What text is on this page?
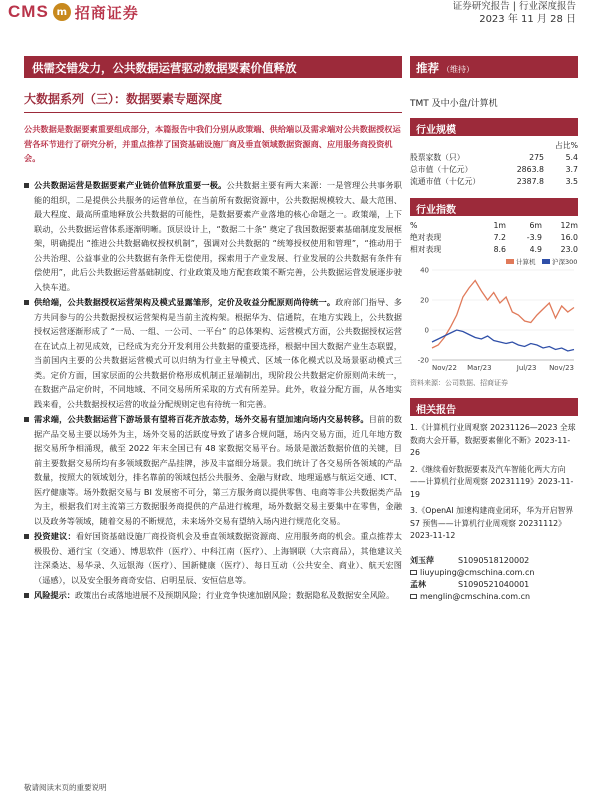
CMS m 招商证券	证券研究报告 | 行业深度报告
2023 年 11 月 28 日
供需交错发力，公共数据运营驱动数据要素价值释放	推荐 （维持）
大数据系列（三）：数据要素专题深度	TMT 及中小盘/计算机
公共数据是数据要素重要组成部分，本篇报告中我们分别从政策端、供给端以及需求端对公共数据授权运营各环节进行了研究分析，并重点推荐了国资基础设施厂商及垂直领域数据资源商、应用服务商投资机会。

公共数据运营是数据要素产业链价值释放重要一极。公共数据主要有两大来源：一是管理公共事务职能的组织，二是提供公共服务的运营单位，在当前所有数据资源中，公共数据规模较大、最大范围、最大程度、最高所重地释放公共数据的可能性，是数据要素产业落地的核心命题之一。政策端，上下联动，公共数据运营体系逐渐明晰。顶层设计上，“数据二十条” 奠定了我国数据要素基础制度发展框架，明确提出 “推进公共数据确权授权机制”，强调对公共数据的 “统筹授权使用和管理”，“推动用于公共治理、公益事业的公共数据有条件无偿使用，探索用于产业发展、行业发展的公共数据有条件有偿使用”，此后公共数据运营基础制度、行业政策及地方配套政策不断完善，公共数据运营发展逐步驶入快车道。

供给端，公共数据授权运营架构及模式显露雏形，定价及收益分配原则尚待统一。政府部门指导、多方共同参与的公共数据授权运营架构是当前主流构架。根据华为、信通院，在地方实践上，公共数据授权运营逐渐形成了 “一局、一组、一公司、一平台” 的总体架构、运营模式方面，公共数据授权运营在在试点上初见成效，已经成为充分开发利用公共数据的重要选择，根据中国大数据产业生态联盟，当前国内主要的公共数据运营模式可以归纳为行业主导模式、区域一体化模式以及场景驱动模式三类。定价方面，国家层面的公共数据价格形成机制正显端制出，现阶段公共数据定价原则尚未统一，在数据产品定价时，不同地域、不同交易所所采取的方式有所差异。此外，收益分配方面，从各地实践来看，公共数据授权运营的收益分配规则定也有待统一和完善。

需求端，公共数据运营下游场景有望将百花齐放态势，场外交易有望加速向场内交易转移。目前的数据产品交易主要以场外为主，场外交易的活跃度导致了诸多合规问题，场内交易方面，近几年地方数据交易所争相涌现，截至 2022 年末全国已有 48 家数据交易平台。场景是激活数据价值的关键，目前主要数据交易所均有多领域数据产品挂牌，涉及丰富细分场景。我们统计了各交易所各领域的产品数量，按照大的领域划分，排名靠前的领域包括公共服务、金融与财政、地理遥感与航运交通、ICT、医疗健康等。场外数据交易与 BI 发展密不可分，第三方服务商以提供零售、电商等非公共数据类产品为主，根据我们对主流第三方数据服务商提供的产品进行梳理，场外数据交易主要集中在零售，金融以及政务等领域，随着交易的不断规范，未来场外交易有望纳入场内进行规范化交易。

投资建议：看好国资基础设施厂商投资机会及垂直领域数据资源商、应用服务商的机会。重点推荐太极股份、通行宝（交通）、博思软件（医疗）、中科江南（医疗）、上海钢联（大宗商品），其他建议关注深桑达、易华录、久远银海（医疗）、国新健康（医疗）、每日互动（公共安全、商业）、航天宏图（遥感），以及安全服务商奇安信、启明星辰、安恒信息等。

风险提示：政策出台或落地进展不及预期风险；行业竞争快速加剧风险；数据隐私及数据安全风险。

敬请阅读末页的重要说明
行业规模
占比%
股票家数（只）	275	5.4
总市值（十亿元）	2863.8	3.7
流通市值（十亿元）	2387.8	3.5
行业指数
%	1m	6m	12m
绝对表现	7.2	-3.9	16.0
相对表现	8.6	4.9	23.0
40
20
0
-20
Nov/22 Mar/23	Jul/23 Nov/23
计算机	沪深300
资料来源：公司数据、招商证券
相关报告
1.《计算机行业周观察 20231126—2023 全球数商大会开幕，数据要素催化不断》2023-11-26
2.《继续看好数据要素及汽车智能化两大方向——计算机行业周观察 20231119》2023-11-19
3.《OpenAI 加速构建商业闭环，华为开启智界 S7 预售——计算机行业周观察 20231112》2023-11-12
刘玉萍	S1090518120002
liuyuping@cmschina.com.cn
孟林	S1090521040001
menglin@cmschina.com.cn
